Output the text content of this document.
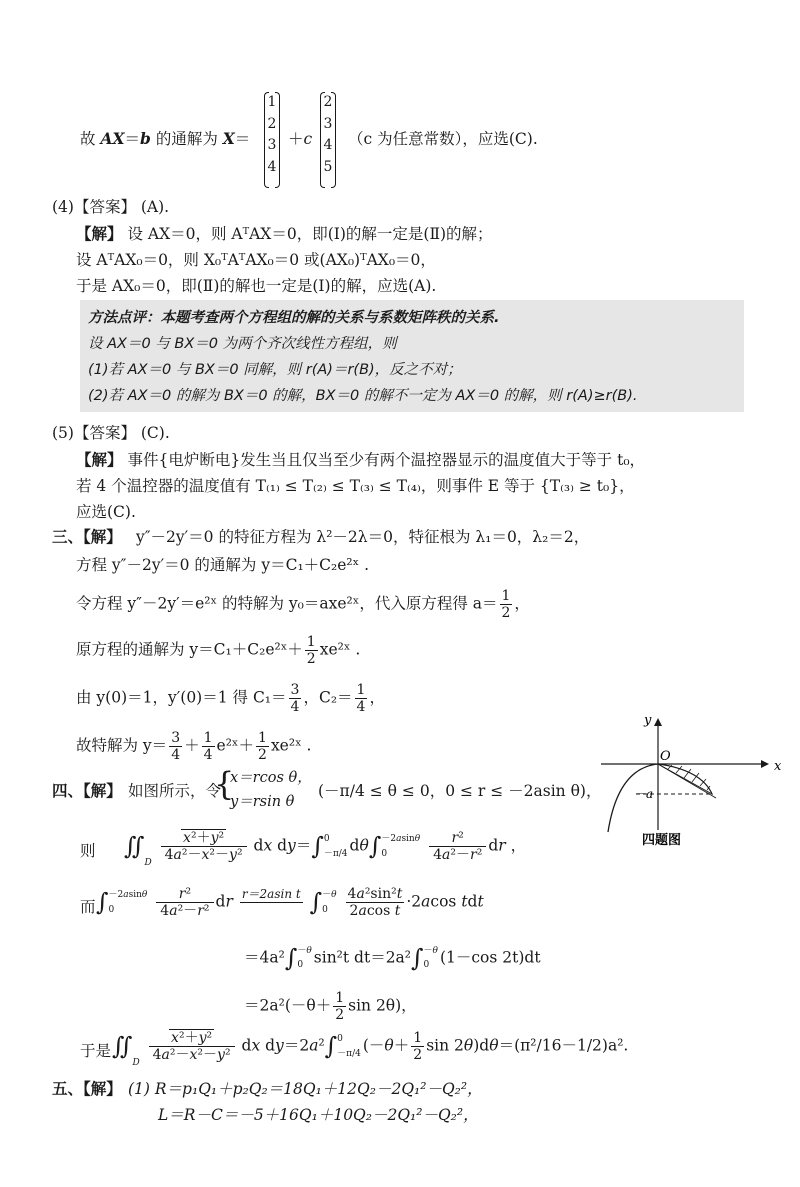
故 AX＝b 的通解为 X＝
1
2
3
4
＋c
2
3
4
5
（c 为任意常数），应选(C).
(4)【答案】 (A).
【解】 设 AX＝0，则 AᵀAX＝0，即(Ⅰ)的解一定是(Ⅱ)的解；
设 AᵀAX₀＝0，则 X₀ᵀAᵀAX₀＝0 或(AX₀)ᵀAX₀＝0，
于是 AX₀＝0，即(Ⅱ)的解也一定是(Ⅰ)的解，应选(A).
方法点评：本题考查两个方程组的解的关系与系数矩阵秩的关系.
设 AX＝0 与 BX＝0 为两个齐次线性方程组，则
(1)若 AX＝0 与 BX＝0 同解，则 r(A)＝r(B)，反之不对；
(2)若 AX＝0 的解为 BX＝0 的解，BX＝0 的解不一定为 AX＝0 的解，则 r(A)≥r(B).
(5)【答案】 (C).
【解】 事件{电炉断电}发生当且仅当至少有两个温控器显示的温度值大于等于 t₀，
若 4 个温控器的温度值有 T₍₁₎ ≤ T₍₂₎ ≤ T₍₃₎ ≤ T₍₄₎，则事件 E 等于 {T₍₃₎ ≥ t₀}，
应选(C).
三、【解】 y″－2y′＝0 的特征方程为 λ²－2λ＝0，特征根为 λ₁＝0，λ₂＝2，
方程 y″－2y′＝0 的通解为 y＝C₁＋C₂e²ˣ .
令方程 y″－2y′＝e²ˣ 的特解为 y₀＝axe²ˣ，代入原方程得 $a= \frac{1}{2}$ ，
原方程的通解为 y＝C₁＋C₂e²ˣ＋ $\frac{1}{2}$ xe²ˣ .
由 y(0)＝1，y′(0)＝1 得 $C_1= \frac{3}{4}$ ，$C_2= \frac{1}{4}$ ，
故特解为 $y= \frac{3}{4} + \frac{1}{4}$ e²ˣ＋ $\frac{1}{2}$ xe²ˣ .
y
x
O
－a
四题图
四、【解】 如图所示，令
{
x＝rcos θ，
y＝rsin θ
(－π/4 ≤ θ ≤ 0，0 ≤ r ≤ －2asin θ)，
则 ∬D $\frac{\text{x²＋y²}}{\text{4a²－x²－y²}}$ dx dy＝∫0
－π/4 dθ∫－2asinθ
0	$\frac{\text{r²}}{\text{4a²－r²}}$ dr ，
而 ∫－2asinθ
0	$\frac{\text{r²}}{\text{4a²－r²}}$ dr r＝2asin t
∫－θ
$0 \frac{\text{4a²sin²t}}{\text{2acos t}} \cdot 2acos$ tdt
＝4a²∫－θ
0 sin²t dt＝2a²∫－θ
0 (1－cos 2t)dt
$=2a^2(-\theta+ \frac{1}{2}$ sin 2θ)，
于是 ∬D $\frac{\text{x²＋y²}}{\text{4a²－x²－y²}}$ dx dy＝2a²∫0
－π/4 ($-\theta+ \frac{1}{2}$ sin 2θ)dθ＝(π²/16－1/2)a².
五、【解】 (1) R＝p₁Q₁＋p₂Q₂＝18Q₁＋12Q₂－2Q₁²－Q₂²，
L＝R－C＝－5＋16Q₁＋10Q₂－2Q₁²－Q₂²，
